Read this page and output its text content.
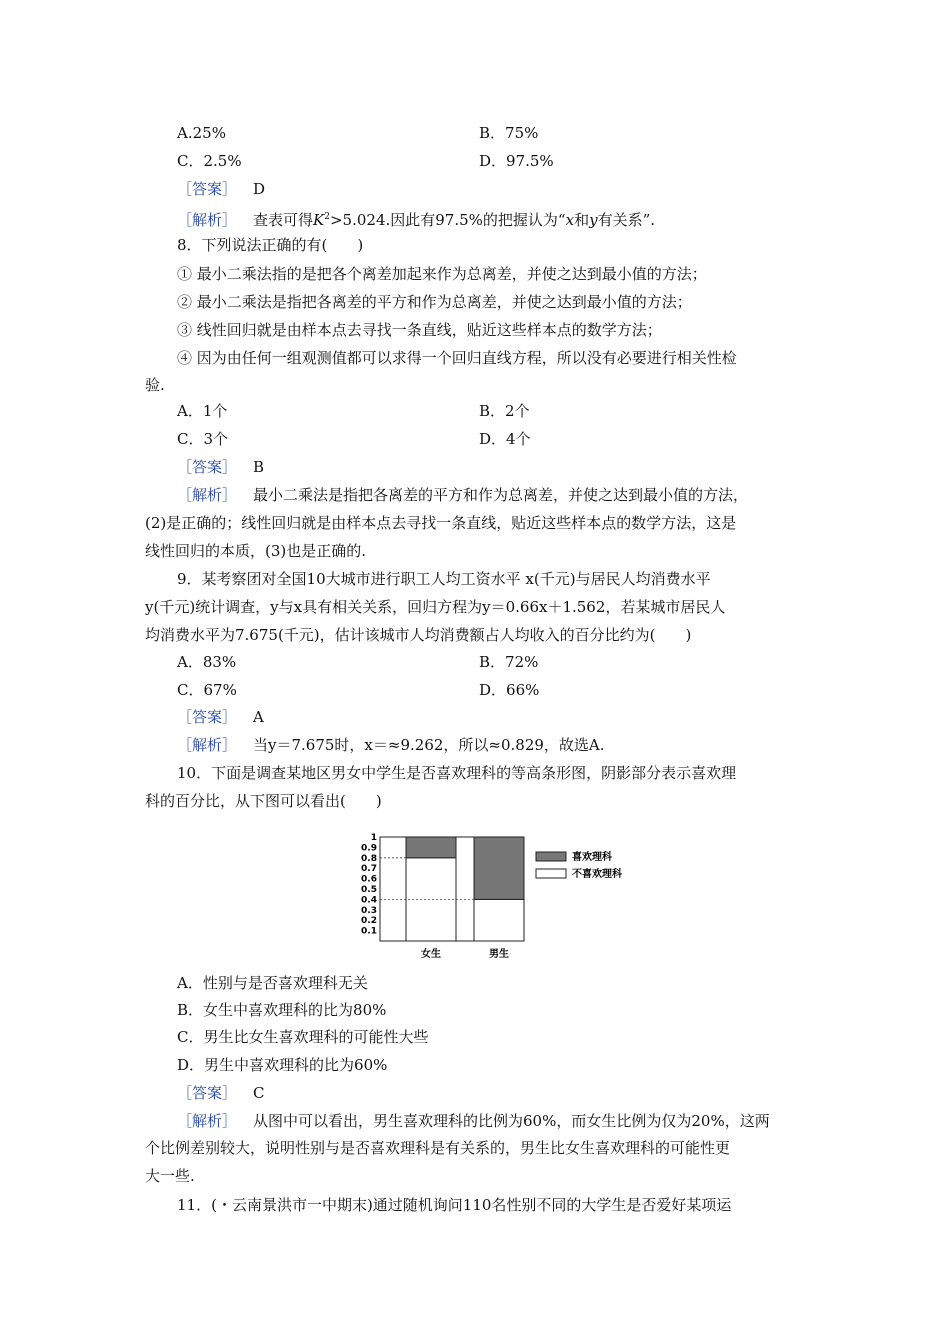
A.25%	B．75%
C．2.5%	D．97.5%
［答案］ D
［解析］ 查表可得$K^2>5.024$.因此有97.5%的把握认为“x和y有关系”.
8．下列说法正确的有(　　)
① 最小二乘法指的是把各个离差加起来作为总离差，并使之达到最小值的方法；
② 最小二乘法是指把各离差的平方和作为总离差，并使之达到最小值的方法；
③ 线性回归就是由样本点去寻找一条直线，贴近这些样本点的数学方法；
④ 因为由任何一组观测值都可以求得一个回归直线方程，所以没有必要进行相关性检
验.
A．1个	B．2个
C．3个	D．4个
［答案］ B
［解析］ 最小二乘法是指把各离差的平方和作为总离差，并使之达到最小值的方法，
(2)是正确的；线性回归就是由样本点去寻找一条直线，贴近这些样本点的数学方法，这是
线性回归的本质，(3)也是正确的.
9．某考察团对全国10大城市进行职工人均工资水平 x(千元)与居民人均消费水平
y(千元)统计调查，y与x具有相关关系，回归方程为y＝0.66x＋1.562，若某城市居民人
均消费水平为7.675(千元)，估计该城市人均消费额占人均收入的百分比约为(　　)
A．83%	B．72%
C．67%	D．66%
［答案］ A
［解析］ 当y＝7.675时，x＝≈9.262，所以≈0.829，故选A.
10．下面是调查某地区男女中学生是否喜欢理科的等高条形图，阴影部分表示喜欢理
科的百分比，从下图可以看出(　　)
0.1
0.2
0.3
0.4
0.5
0.6
0.7
0.8
0.9
1
女生	男生
喜欢理科
不喜欢理科
A．性别与是否喜欢理科无关
B．女生中喜欢理科的比为80%
C．男生比女生喜欢理科的可能性大些
D．男生中喜欢理科的比为60%
［答案］ C
［解析］ 从图中可以看出，男生喜欢理科的比例为60%，而女生比例为仅为20%，这两
个比例差别较大，说明性别与是否喜欢理科是有关系的，男生比女生喜欢理科的可能性更
大一些.
11．(・云南景洪市一中期末)通过随机询问110名性别不同的大学生是否爱好某项运
